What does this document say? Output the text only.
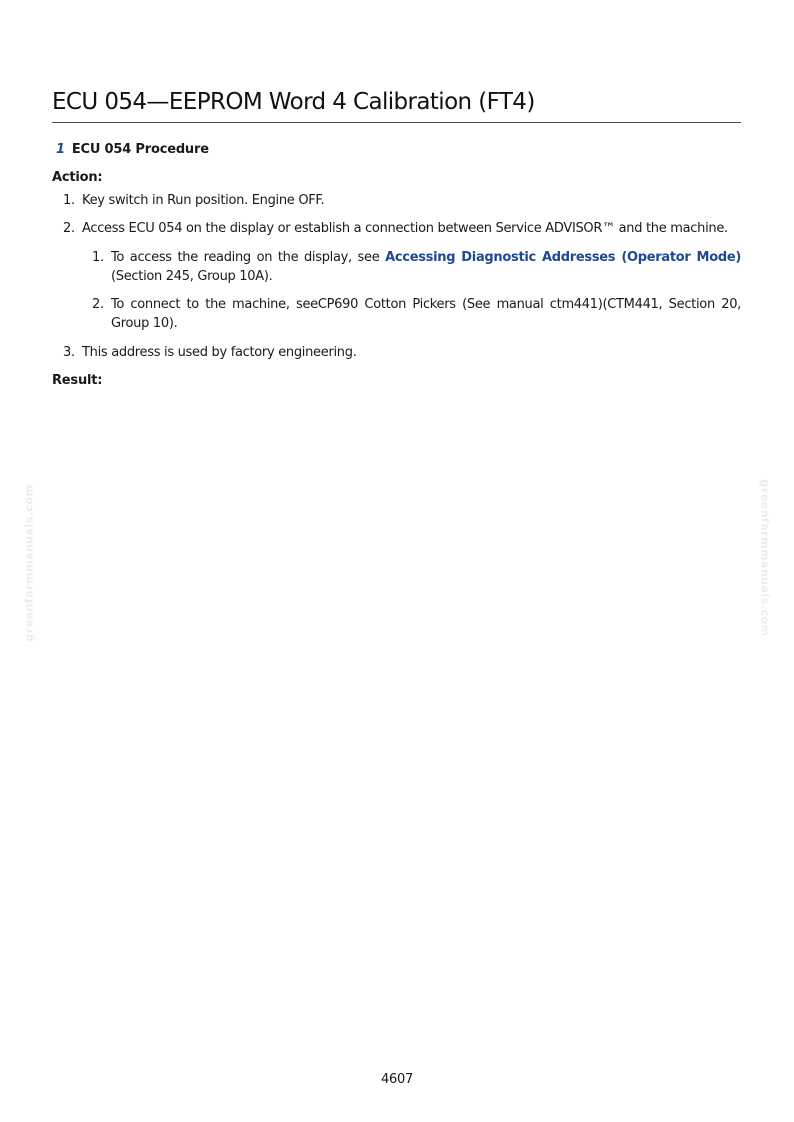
ECU 054—EEPROM Word 4 Calibration (FT4)
1 ECU 054 Procedure
Action:
1. Key switch in Run position. Engine OFF.
2. Access ECU 054 on the display or establish a connection between Service ADVISOR™ and the machine.
1. To access the reading on the display, see Accessing Diagnostic Addresses (Operator Mode) (Section 245, Group 10A).
2. To connect to the machine, seeCP690 Cotton Pickers (See manual ctm441)(CTM441, Section 20, Group 10).
3. This address is used by factory engineering.
Result:
greenfarmmanuals.com	greenfarmmanuals.com
4607
